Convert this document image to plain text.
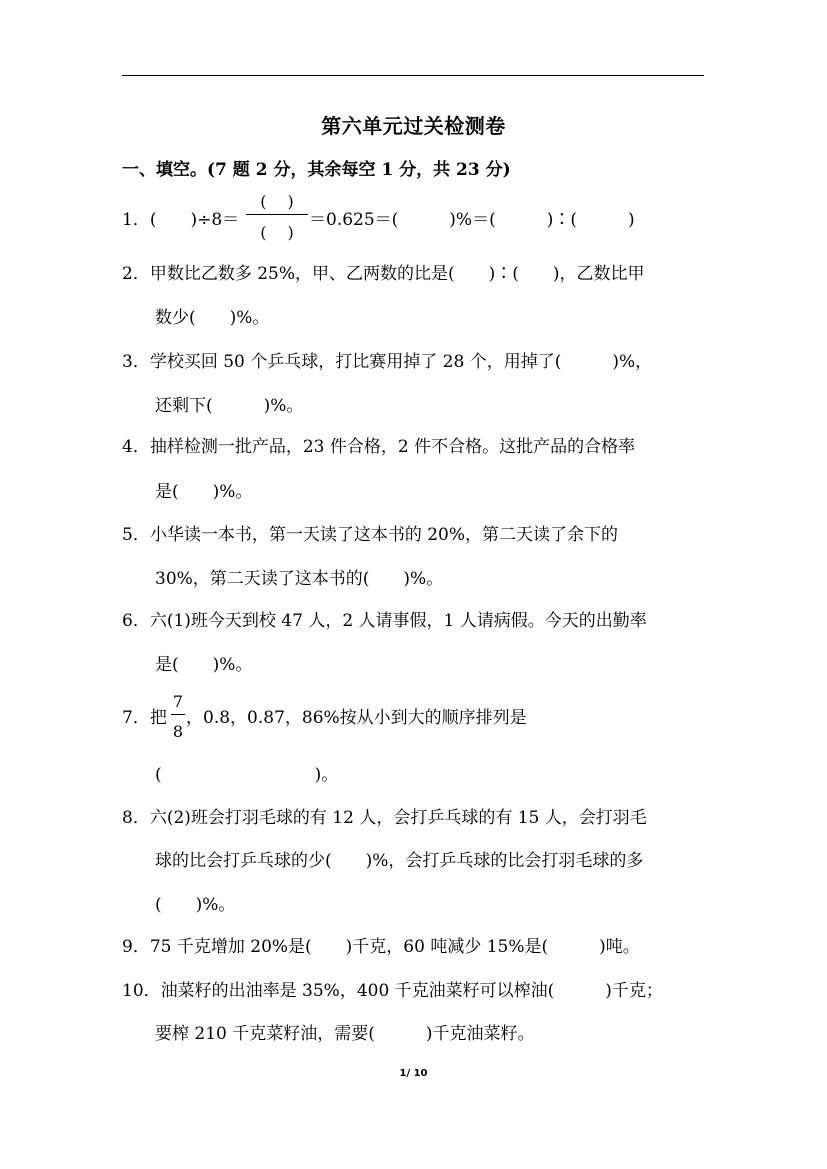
第六单元过关检测卷
一、填空。(7 题 2 分，其余每空 1 分，共 23 分)
1．(　　)÷8＝
(　 )
(　 )
＝0.625＝(　　　)%＝(　　　)∶(　　　)
2．甲数比乙数多 25%，甲、乙两数的比是(　　)∶(　　)，乙数比甲
数少(　　)%。
3．学校买回 50 个乒乓球，打比赛用掉了 28 个，用掉了(　　　)%，
还剩下(　　　)%。
4．抽样检测一批产品，23 件合格，2 件不合格。这批产品的合格率
是(　　)%。
5．小华读一本书，第一天读了这本书的 20%，第二天读了余下的
30%，第二天读了这本书的(　　)%。
6．六(1)班今天到校 47 人，2 人请事假，1 人请病假。今天的出勤率
是(　　)%。
7．把
7
8
，0.8，0.87，86%按从小到大的顺序排列是
(　　　　　　　　　)。
8．六(2)班会打羽毛球的有 12 人，会打乒乓球的有 15 人，会打羽毛
球的比会打乒乓球的少(　　)%，会打乒乓球的比会打羽毛球的多
(　　)%。
9．75 千克增加 20%是(　　)千克，60 吨减少 15%是(　　　)吨。
10．油菜籽的出油率是 35%，400 千克油菜籽可以榨油(　　　)千克；
要榨 210 千克菜籽油，需要(　　　)千克油菜籽。
1/ 10
